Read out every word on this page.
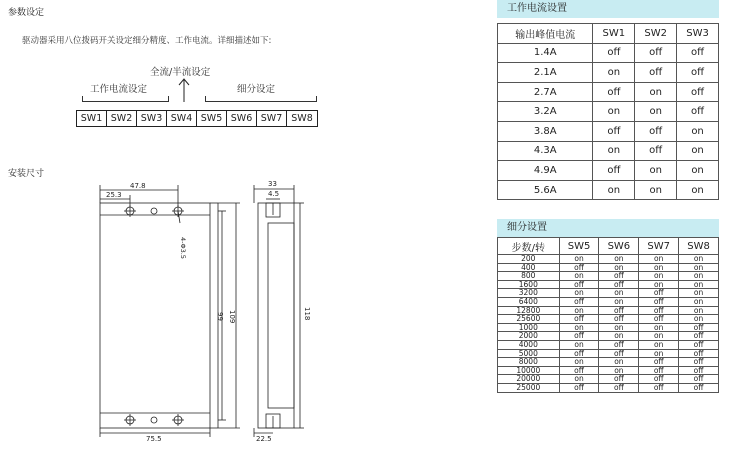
参数设定
驱动器采用八位拨码开关设定细分精度、工作电流。详细描述如下:
全流/半流设定
工作电流设定	细分设定
SW1 SW2 SW3 SW4 SW5 SW6 SW7 SW8
安装尺寸
47.8
25.3
4-Φ3.5
109
99
75.5
33
4.5
118
22.5
工作电流设置
输出峰值电流	SW1	SW2	SW3
1.4A	off	off	off
2.1A	on	off	off
2.7A	off	on	off
3.2A	on	on	off
3.8A	off	off	on
4.3A	on	off	on
4.9A	off	on	on
5.6A	on	on	on
细分设置
步数/转	SW5	SW6	SW7	SW8
200	on	on	on	on
400	off	on	on	on
800	on	off	on	on
1600	off	off	on	on
3200	on	on	off	on
6400	off	on	off	on
12800	on	off	off	on
25600	off	off	off	on
1000	on	on	on	off
2000	off	on	on	off
4000	on	off	on	off
5000	off	off	on	off
8000	on	on	off	off
10000	off	on	off	off
20000	on	off	off	off
25000	off	off	off	off
